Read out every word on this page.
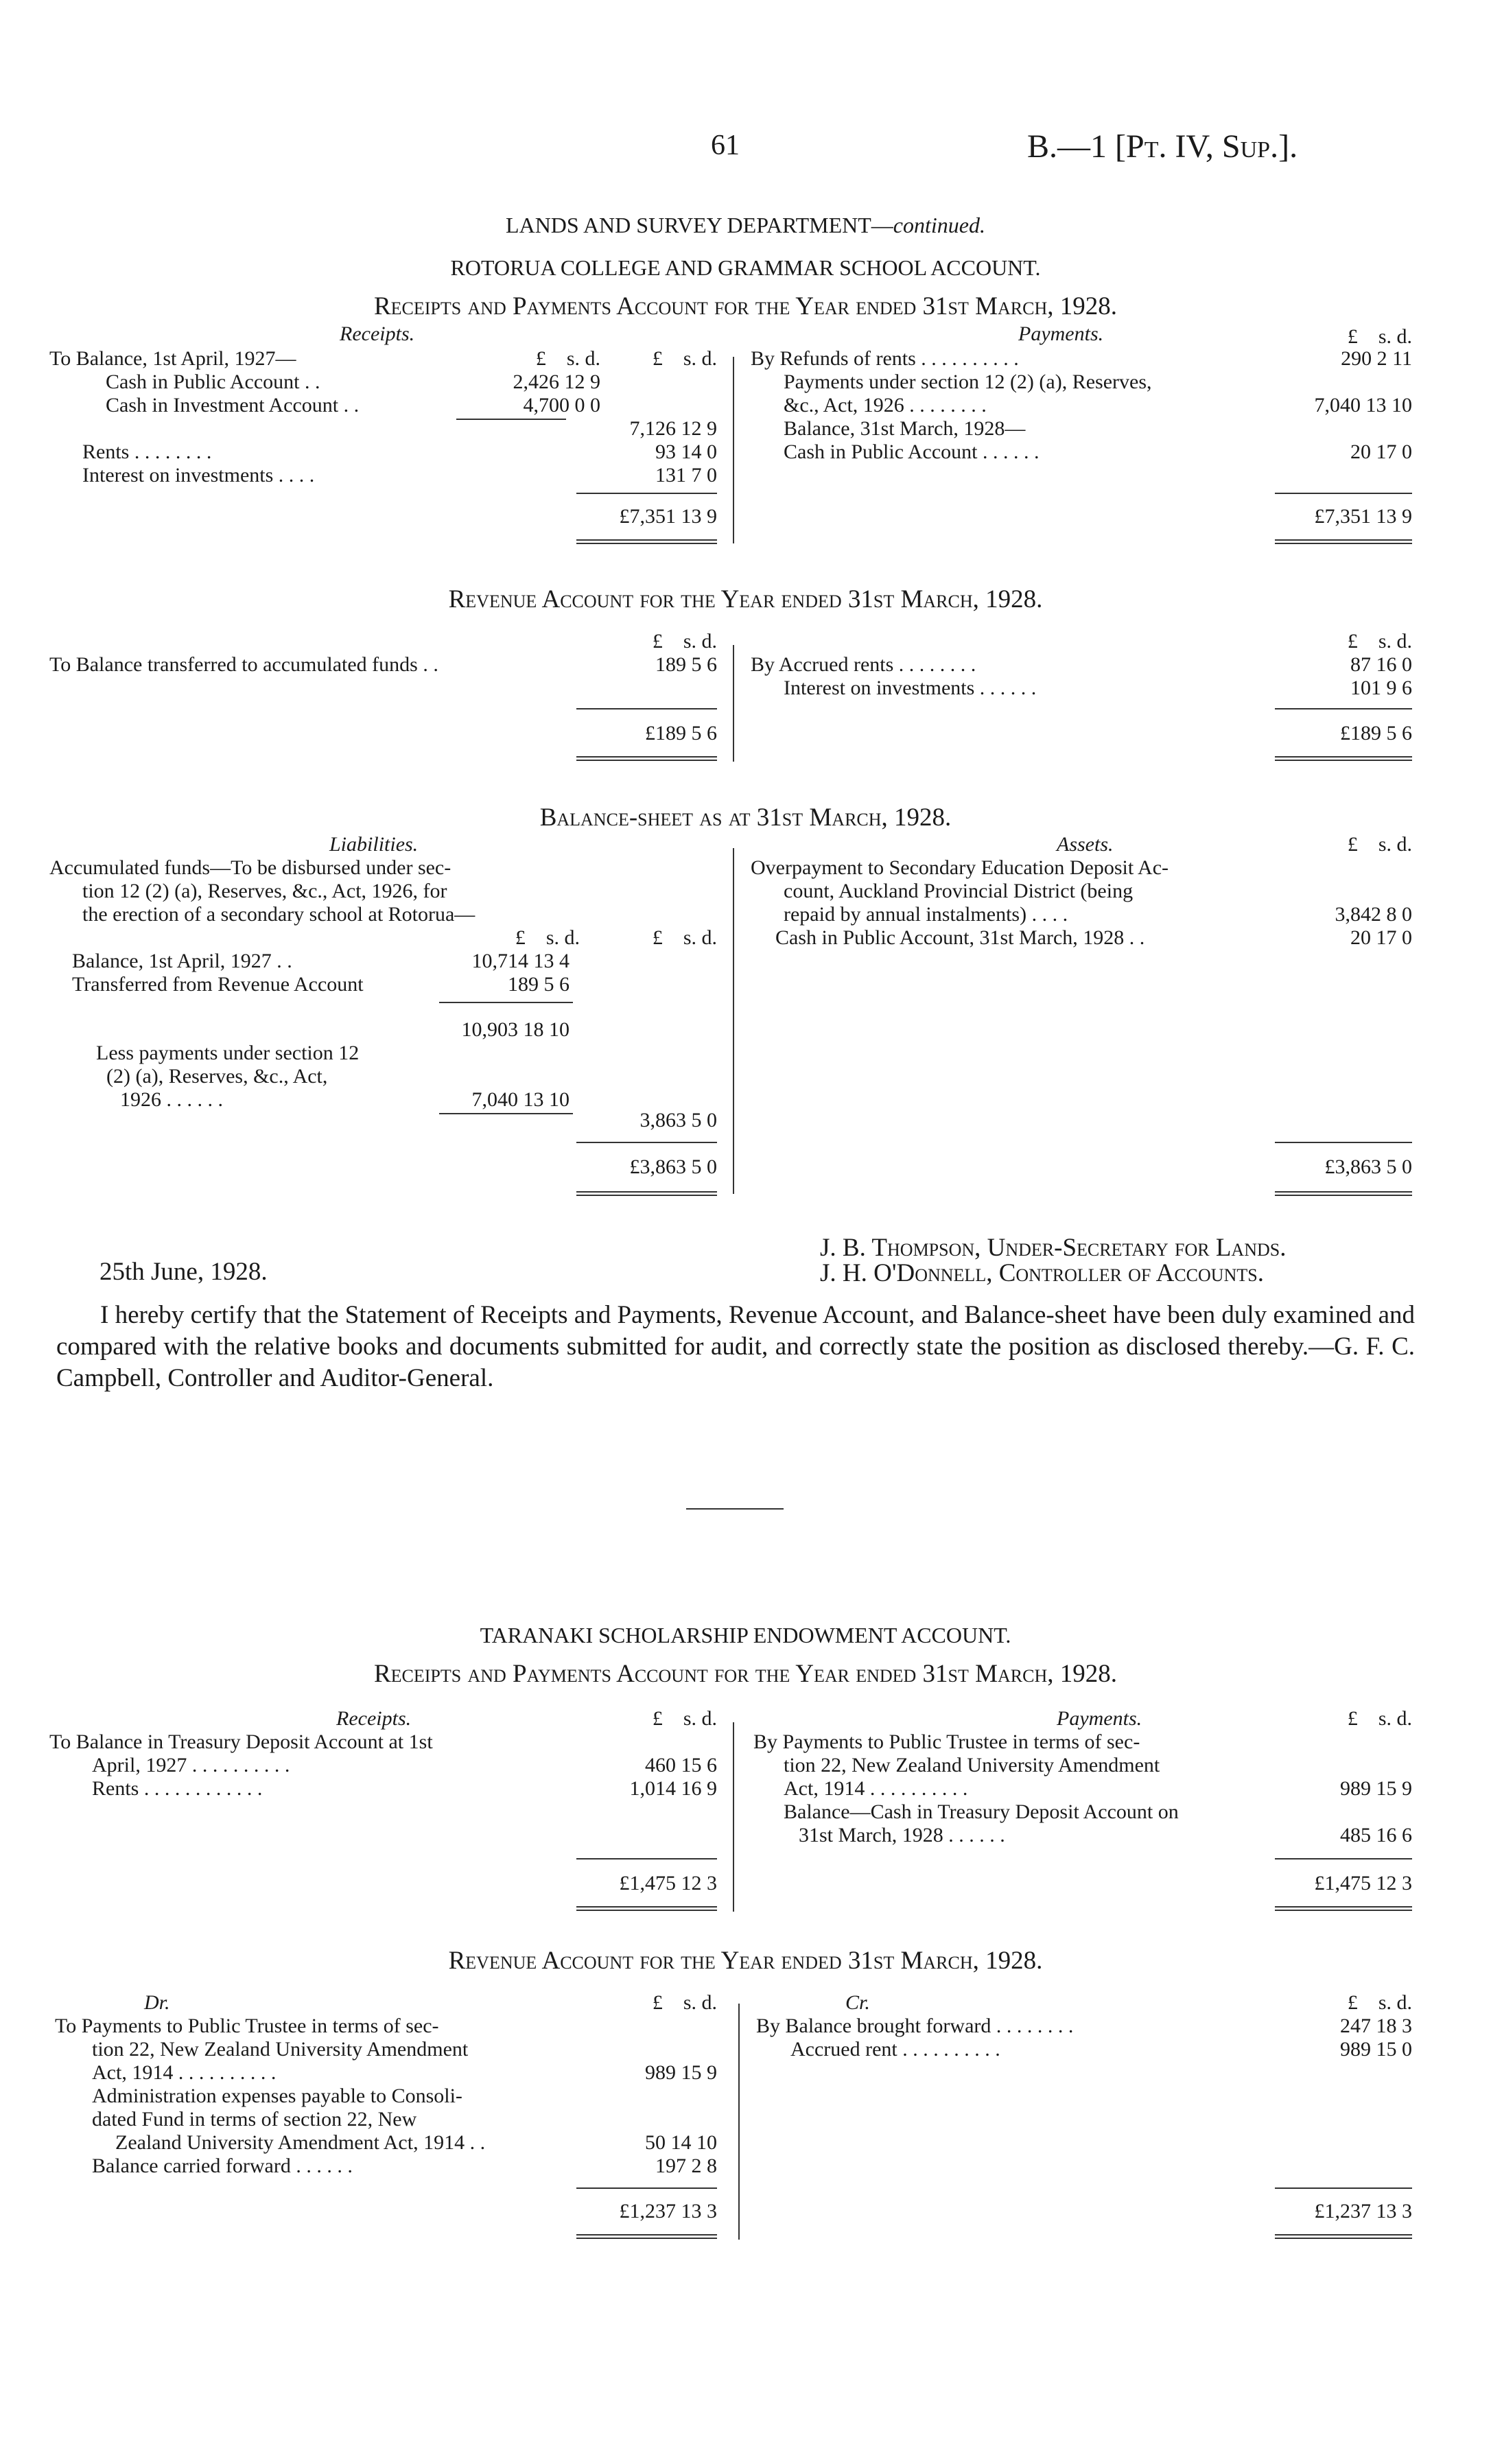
61	B.—1 [Pt. IV, Sup.].
LANDS AND SURVEY DEPARTMENT—continued.
ROTORUA COLLEGE AND GRAMMAR SCHOOL ACCOUNT.
Receipts and Payments Account for the Year ended 31st March, 1928.
Receipts.	Payments.
£ s. d.	£ s. d.
£ s. d.
To Balance, 1st April, 1927—
Cash in Public Account . .	2,426 12 9
Cash in Investment Account . .	4,700 0 0
7,126 12 9
Rents . . . . . . . .	93 14 0
Interest on investments . . . .	131 7 0
£7,351 13 9
By Refunds of rents . . . . . . . . . .	290 2 11
Payments under section 12 (2) (a), Reserves,
&c., Act, 1926 . . . . . . . .	7,040 13 10
Balance, 31st March, 1928—
Cash in Public Account . . . . . .	20 17 0
£7,351 13 9
Revenue Account for the Year ended 31st March, 1928.
£ s. d.	£ s. d.
To Balance transferred to accumulated funds . .	189 5 6
£189 5 6
By Accrued rents . . . . . . . .	87 16 0
Interest on investments . . . . . .	101 9 6
£189 5 6
Balance-sheet as at 31st March, 1928.
Liabilities.	Assets.	£ s. d.
Accumulated funds—To be disbursed under sec-
tion 12 (2) (a), Reserves, &c., Act, 1926, for
the erection of a secondary school at Rotorua—
£ s. d.	£ s. d.
Balance, 1st April, 1927 . .	10,714 13 4
Transferred from Revenue Account	189 5 6
10,903 18 10
Less payments under section 12
(2) (a), Reserves, &c., Act,
1926 . . . . . .	7,040 13 10
3,863 5 0
£3,863 5 0
Overpayment to Secondary Education Deposit Ac-
count, Auckland Provincial District (being
repaid by annual instalments) . . . .	3,842 8 0
Cash in Public Account, 31st March, 1928 . .	20 17 0
£3,863 5 0
25th June, 1928.
J. B. Thompson, Under-Secretary for Lands.
J. H. O'Donnell, Controller of Accounts.
I hereby certify that the Statement of Receipts and Payments, Revenue Account, and Balance-sheet have been duly examined and compared with the relative books and documents submitted for audit, and correctly state the position as disclosed thereby.—G. F. C. Campbell, Controller and Auditor-General.
TARANAKI SCHOLARSHIP ENDOWMENT ACCOUNT.
Receipts and Payments Account for the Year ended 31st March, 1928.
Receipts.	£ s. d.	Payments.	£ s. d.
To Balance in Treasury Deposit Account at 1st
April, 1927 . . . . . . . . . .	460 15 6
Rents . . . . . . . . . . . .	1,014 16 9
£1,475 12 3
By Payments to Public Trustee in terms of sec-
tion 22, New Zealand University Amendment
Act, 1914 . . . . . . . . . .	989 15 9
Balance—Cash in Treasury Deposit Account on
31st March, 1928 . . . . . .	485 16 6
£1,475 12 3
Revenue Account for the Year ended 31st March, 1928.
Dr.	£ s. d.	Cr.	£ s. d.
To Payments to Public Trustee in terms of sec-
tion 22, New Zealand University Amendment
Act, 1914 . . . . . . . . . .	989 15 9
Administration expenses payable to Consoli-
dated Fund in terms of section 22, New
Zealand University Amendment Act, 1914 . .	50 14 10
Balance carried forward . . . . . .	197 2 8
£1,237 13 3
By Balance brought forward . . . . . . . .	247 18 3
Accrued rent . . . . . . . . . .	989 15 0
£1,237 13 3
